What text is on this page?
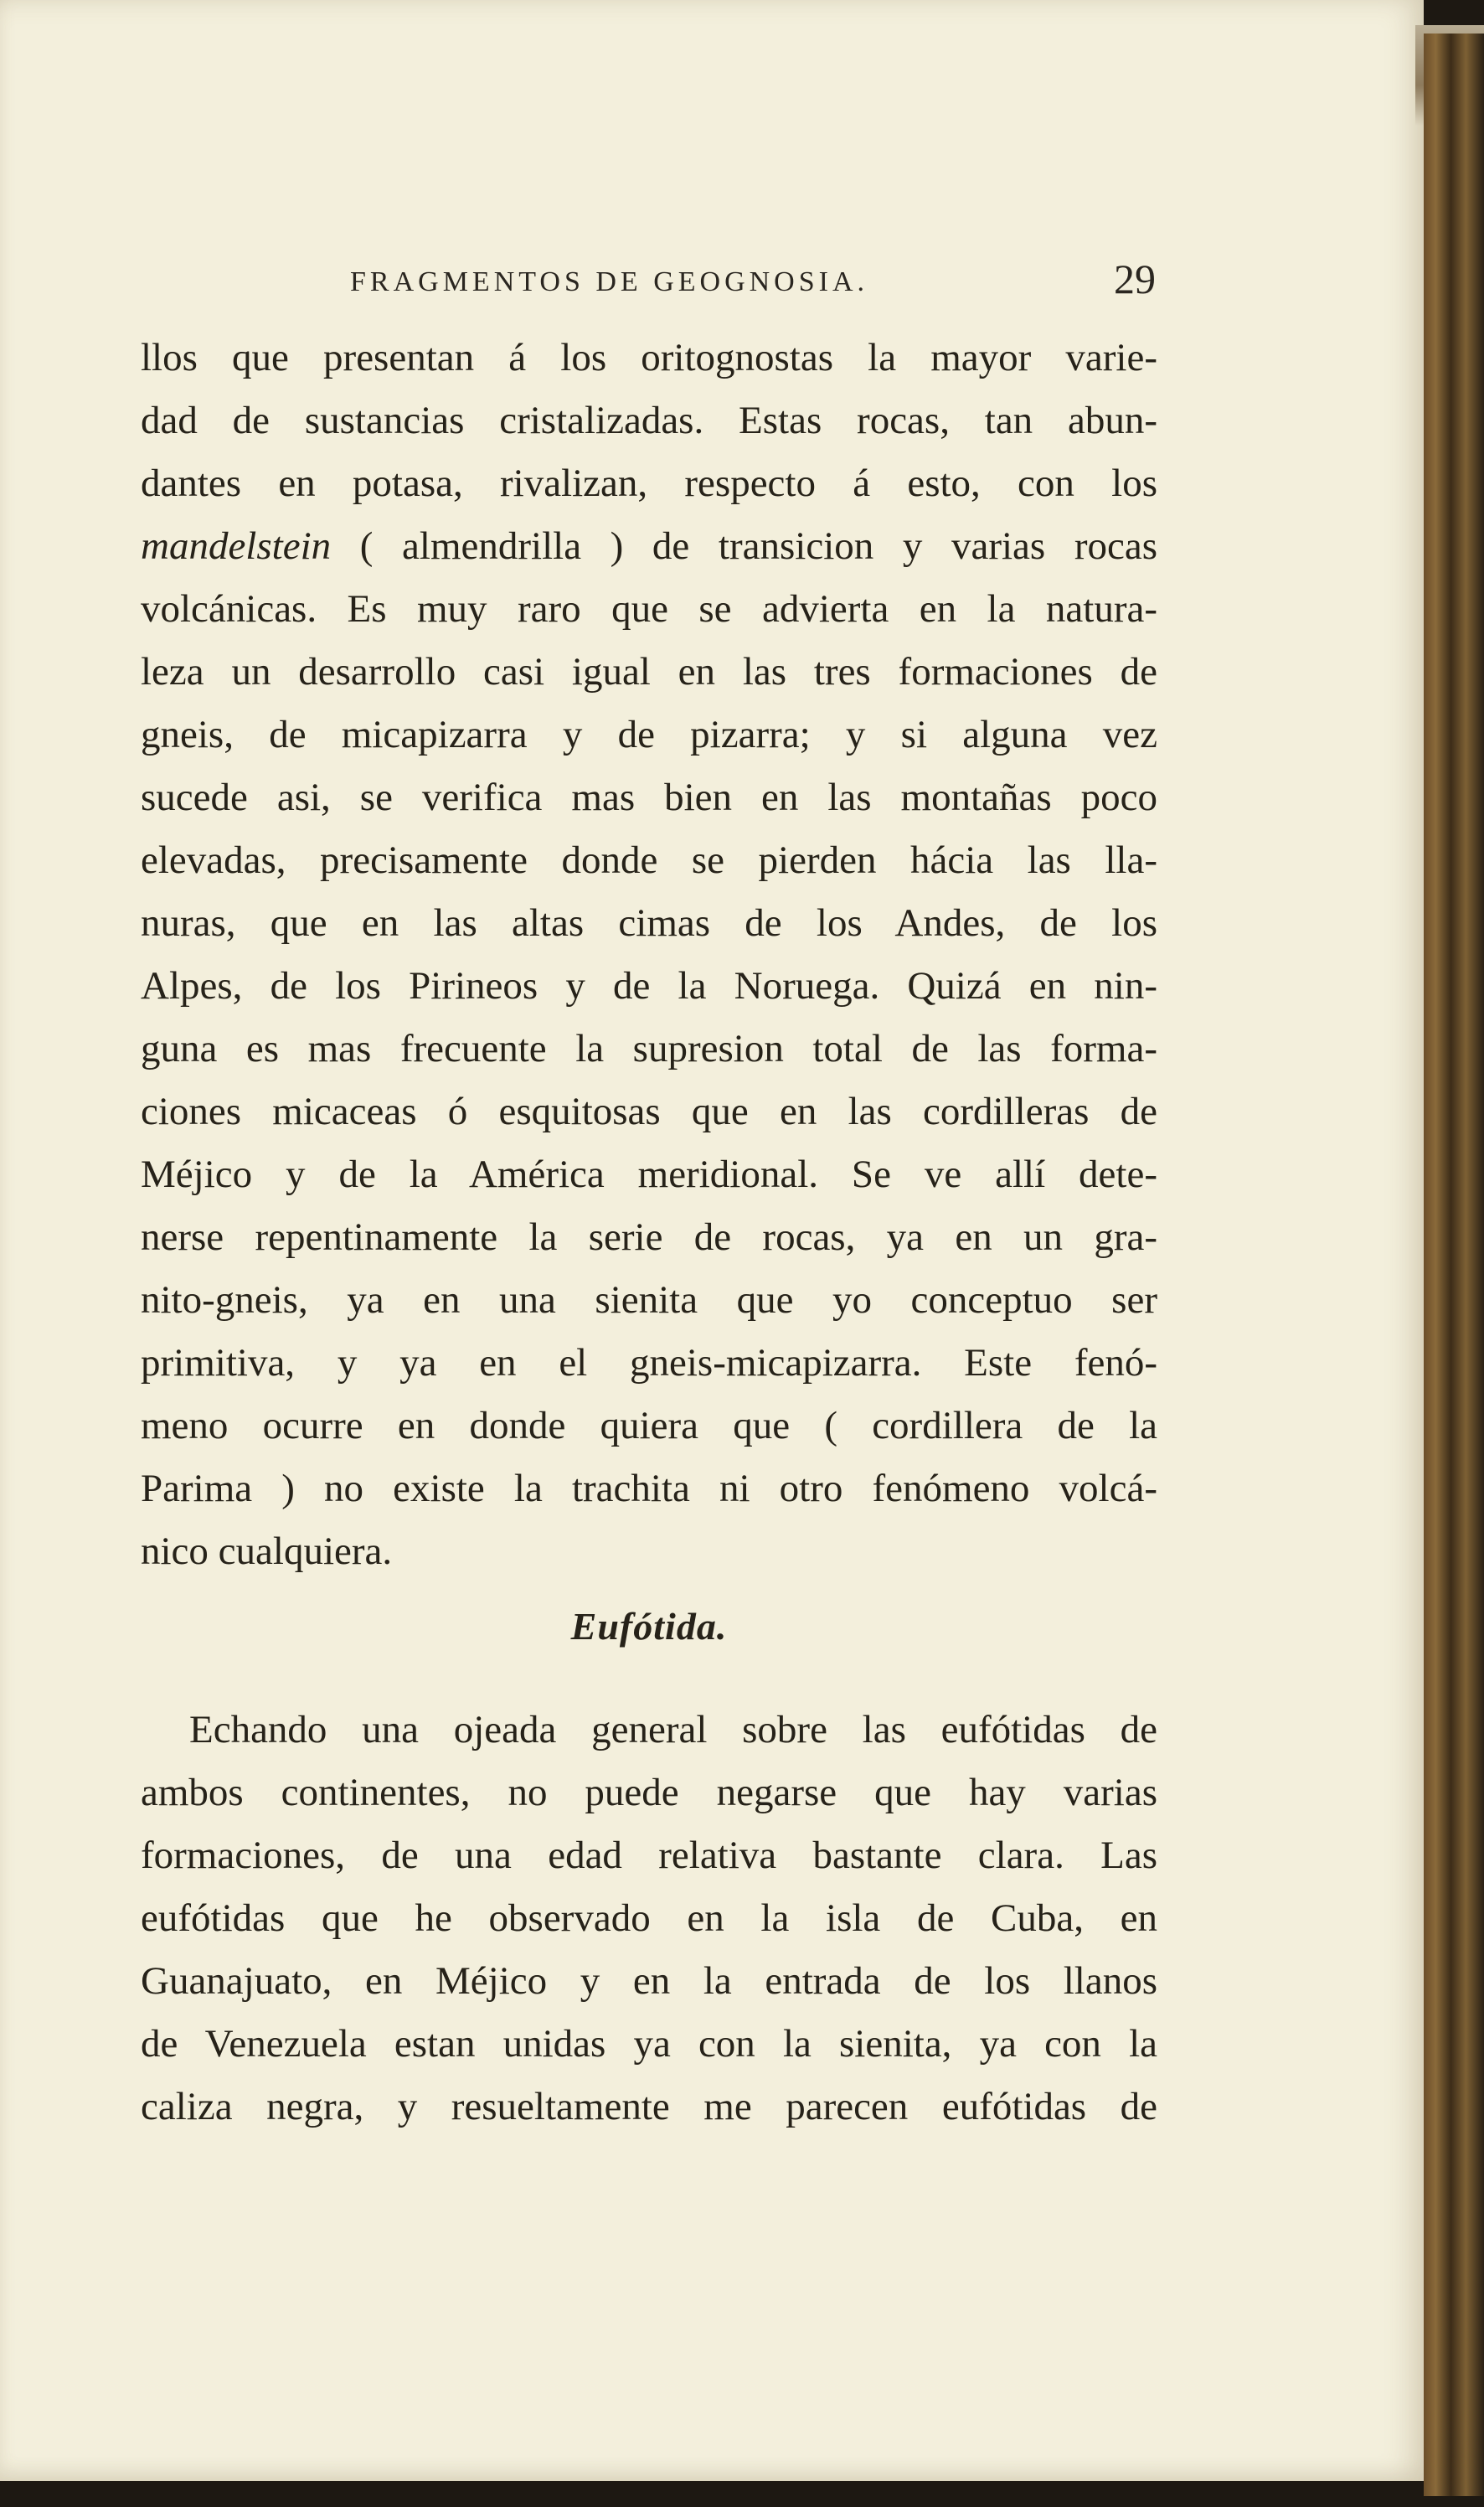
FRAGMENTOS DE GEOGNOSIA.	29
llos que presentan á los oritognostas la mayor varie-
dad de sustancias cristalizadas. Estas rocas, tan abun-
dantes en potasa, rivalizan, respecto á esto, con los
mandelstein ( almendrilla ) de transicion y varias rocas
volcánicas. Es muy raro que se advierta en la natura-
leza un desarrollo casi igual en las tres formaciones de
gneis, de micapizarra y de pizarra; y si alguna vez
sucede asi, se verifica mas bien en las montañas poco
elevadas, precisamente donde se pierden hácia las lla-
nuras, que en las altas cimas de los Andes, de los
Alpes, de los Pirineos y de la Noruega. Quizá en nin-
guna es mas frecuente la supresion total de las forma-
ciones micaceas ó esquitosas que en las cordilleras de
Méjico y de la América meridional. Se ve allí dete-
nerse repentinamente la serie de rocas, ya en un gra-
nito-gneis, ya en una sienita que yo conceptuo ser
primitiva, y ya en el gneis-micapizarra. Este fenó-
meno ocurre en donde quiera que ( cordillera de la
Parima ) no existe la trachita ni otro fenómeno volcá-
nico cualquiera.
Eufótida.
Echando una ojeada general sobre las eufótidas de
ambos continentes, no puede negarse que hay varias
formaciones, de una edad relativa bastante clara. Las
eufótidas que he observado en la isla de Cuba, en
Guanajuato, en Méjico y en la entrada de los llanos
de Venezuela estan unidas ya con la sienita, ya con la
caliza negra, y resueltamente me parecen eufótidas de
